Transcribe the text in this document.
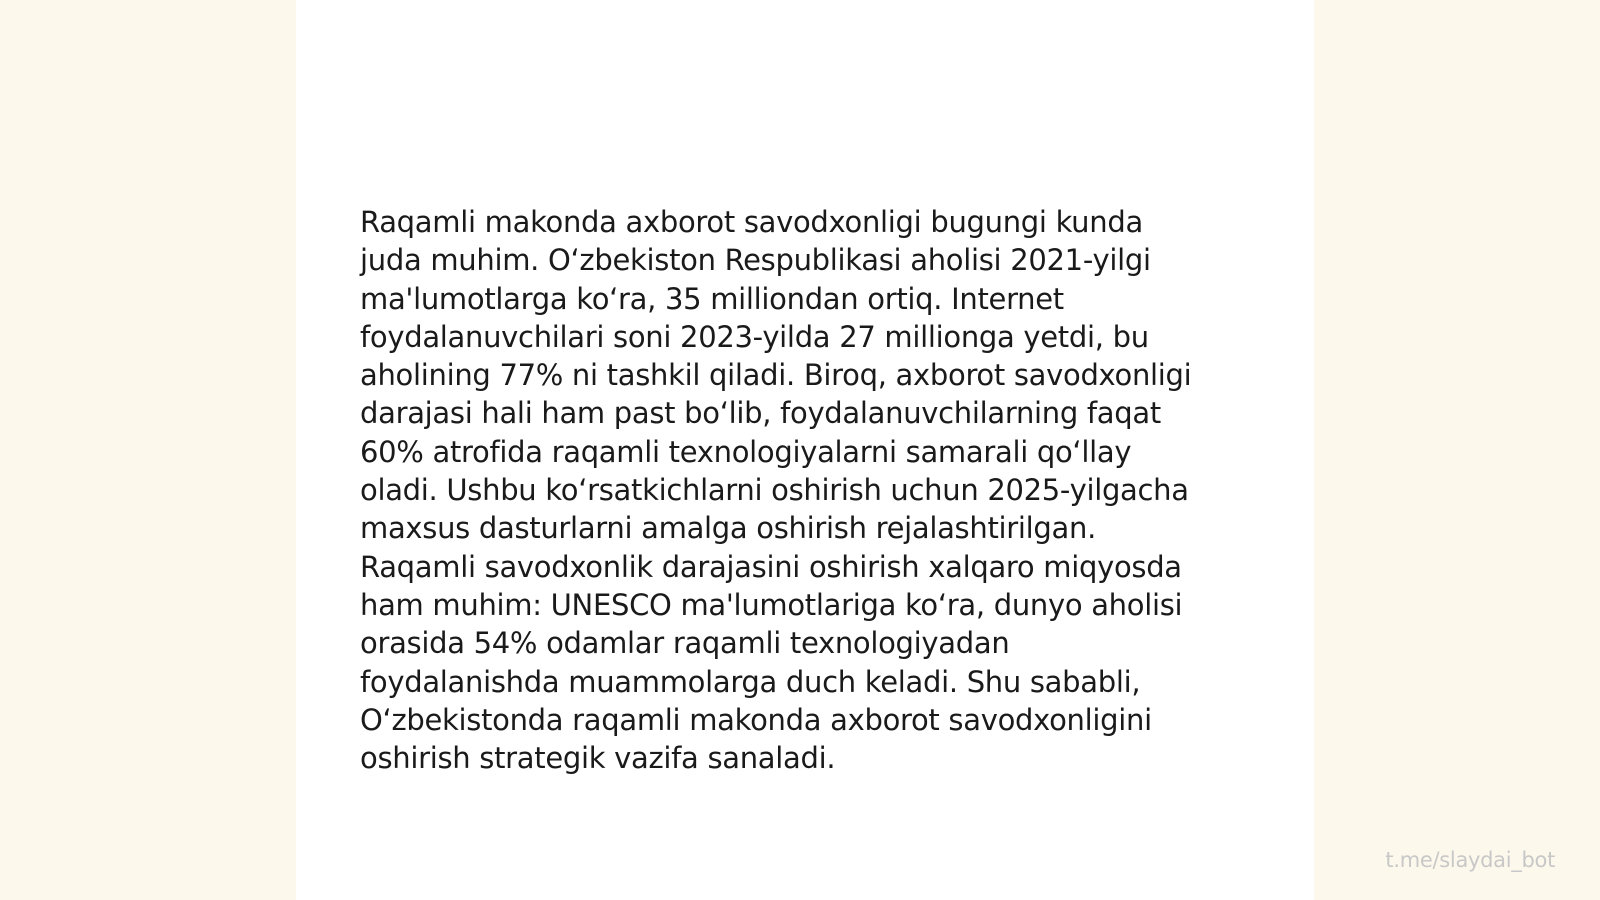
Raqamli makonda axborot savodxonligi bugungi kunda
juda muhim. O‘zbekiston Respublikasi aholisi 2021-yilgi
ma'lumotlarga ko‘ra, 35 milliondan ortiq. Internet
foydalanuvchilari soni 2023-yilda 27 millionga yetdi, bu
aholining 77% ni tashkil qiladi. Biroq, axborot savodxonligi
darajasi hali ham past bo‘lib, foydalanuvchilarning faqat
60% atrofida raqamli texnologiyalarni samarali qo‘llay
oladi. Ushbu ko‘rsatkichlarni oshirish uchun 2025-yilgacha
maxsus dasturlarni amalga oshirish rejalashtirilgan.
Raqamli savodxonlik darajasini oshirish xalqaro miqyosda
ham muhim: UNESCO ma'lumotlariga ko‘ra, dunyo aholisi
orasida 54% odamlar raqamli texnologiyadan
foydalanishda muammolarga duch keladi. Shu sababli,
O‘zbekistonda raqamli makonda axborot savodxonligini
oshirish strategik vazifa sanaladi.

t.me/slaydai_bot
